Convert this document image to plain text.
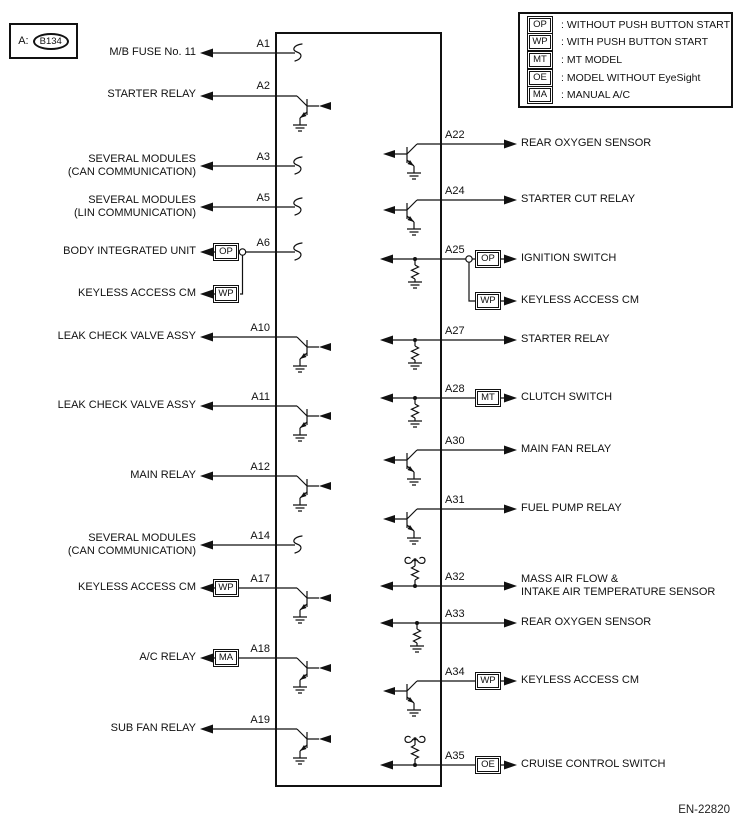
A:	B134
OP	: WITHOUT PUSH BUTTON START
WP	: WITH PUSH BUTTON START
MT	: MT MODEL
OE	: MODEL WITHOUT EyeSight
MA	: MANUAL A/C
M/B FUSE No. 11
STARTER RELAY
SEVERAL MODULES
(CAN COMMUNICATION)
SEVERAL MODULES
(LIN COMMUNICATION)
BODY INTEGRATED UNIT
KEYLESS ACCESS CM
LEAK CHECK VALVE ASSY
LEAK CHECK VALVE ASSY
MAIN RELAY
SEVERAL MODULES
(CAN COMMUNICATION)
KEYLESS ACCESS CM
A/C RELAY
SUB FAN RELAY
A1
A2
A3
A5
A6
A10
A11
A12
A14
A17
A18
A19
OP
WP
WP
MA
REAR OXYGEN SENSOR
STARTER CUT RELAY
IGNITION SWITCH
KEYLESS ACCESS CM
STARTER RELAY
CLUTCH SWITCH
MAIN FAN RELAY
FUEL PUMP RELAY
MASS AIR FLOW &
INTAKE AIR TEMPERATURE SENSOR
REAR OXYGEN SENSOR
KEYLESS ACCESS CM
CRUISE CONTROL SWITCH
A22
A24
A25
A27
A28
A30
A31
A32
A33
A34
A35
OP
WP
MT
WP
OE
EN-22820
